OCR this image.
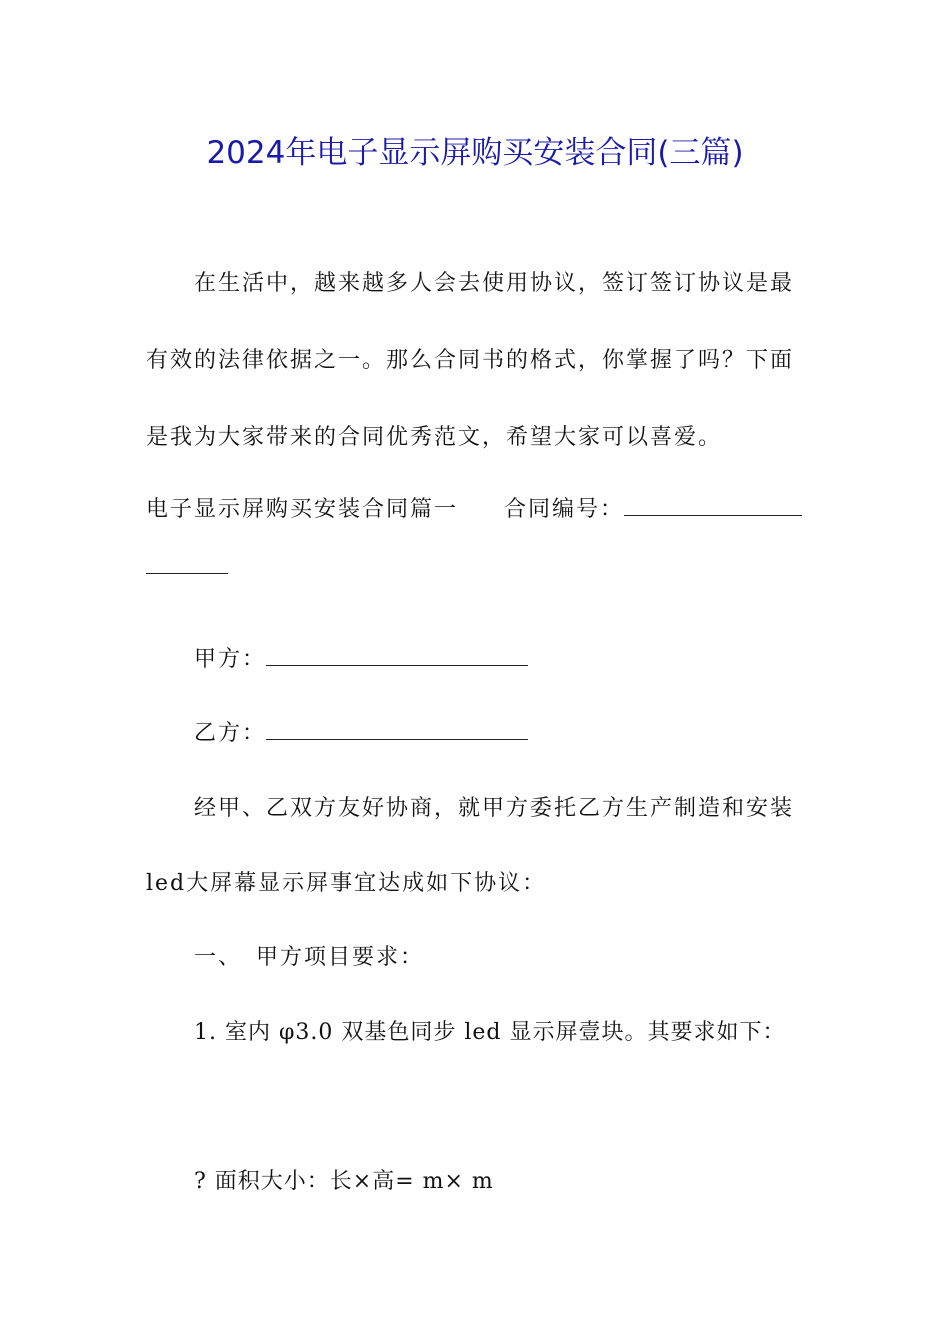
2024年电子显示屏购买安装合同(三篇)
在生活中，越来越多人会去使用协议，签订签订协议是最
有效的法律依据之一。那么合同书的格式，你掌握了吗？下面
是我为大家带来的合同优秀范文，希望大家可以喜爱。
电子显示屏购买安装合同篇一 合同编号：
甲方：
乙方：
经甲、乙双方友好协商，就甲方委托乙方生产制造和安装
led大屏幕显示屏事宜达成如下协议：
一、 甲方项目要求：
1. 室内 φ3.0 双基色同步 led 显示屏壹块。其要求如下：
? 面积大小：长×高= m× m
